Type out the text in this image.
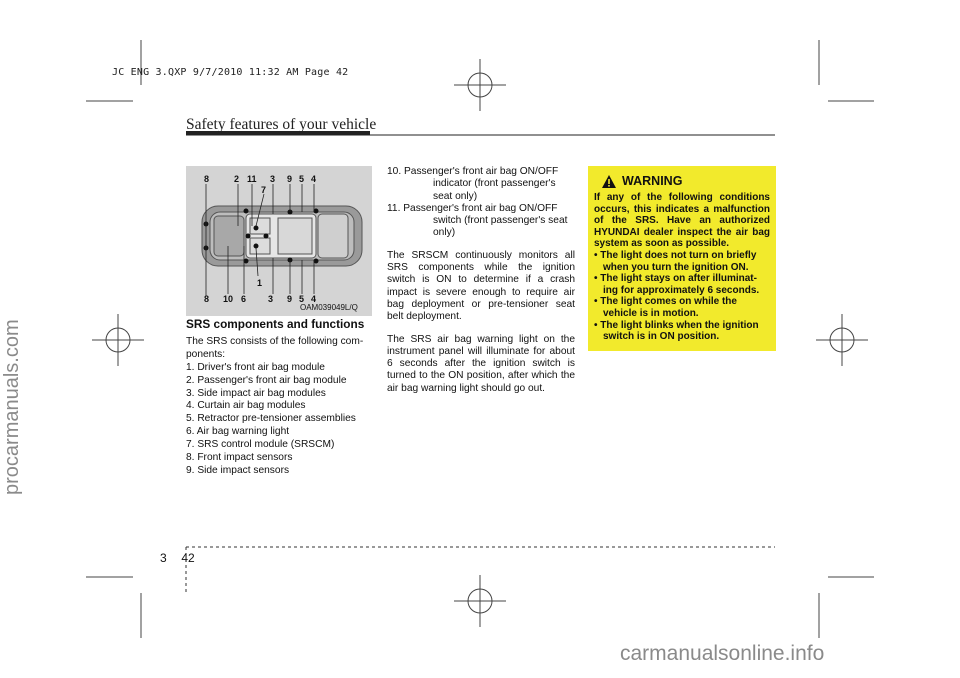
JC ENG 3.QXP 9/7/2010 11:32 AM Page 42
procarmanuals.com
Safety features of your vehicle
8	2 11 3 9 5 4
7
8 10 6 3 9 5 4
1
OAM039049L/Q

SRS components and functions

The SRS consists of the following com-ponents:

1. Driver's front air bag module
2. Passenger's front air bag module
3. Side impact air bag modules
4. Curtain air bag modules
5. Retractor pre-tensioner assemblies
6. Air bag warning light
7. SRS control module (SRSCM)
8. Front impact sensors
9. Side impact sensors
10. Passenger's front air bag ON/OFF
indicator (front passenger's seat only)
11. Passenger's front air bag ON/OFF
switch (front passenger's seat only)

The SRSCM continuously monitors all SRS components while the ignition switch is ON to determine if a crash impact is severe enough to require air bag deployment or pre-tensioner seat belt deployment.

The SRS air bag warning light on the instrument panel will illuminate for about 6 seconds after the ignition switch is turned to the ON position, after which the air bag warning light should go out.

WARNING

If any of the following conditions occurs, this indicates a malfunction of the SRS. Have an authorized HYUNDAI dealer inspect the air bag system as soon as possible.

• The light does not turn on briefly when you turn the ignition ON.
• The light stays on after illuminat-ing for approximately 6 seconds.
• The light comes on while the vehicle is in motion.
• The light blinks when the ignition switch is in ON position.
3 42
carmanualsonline.info
